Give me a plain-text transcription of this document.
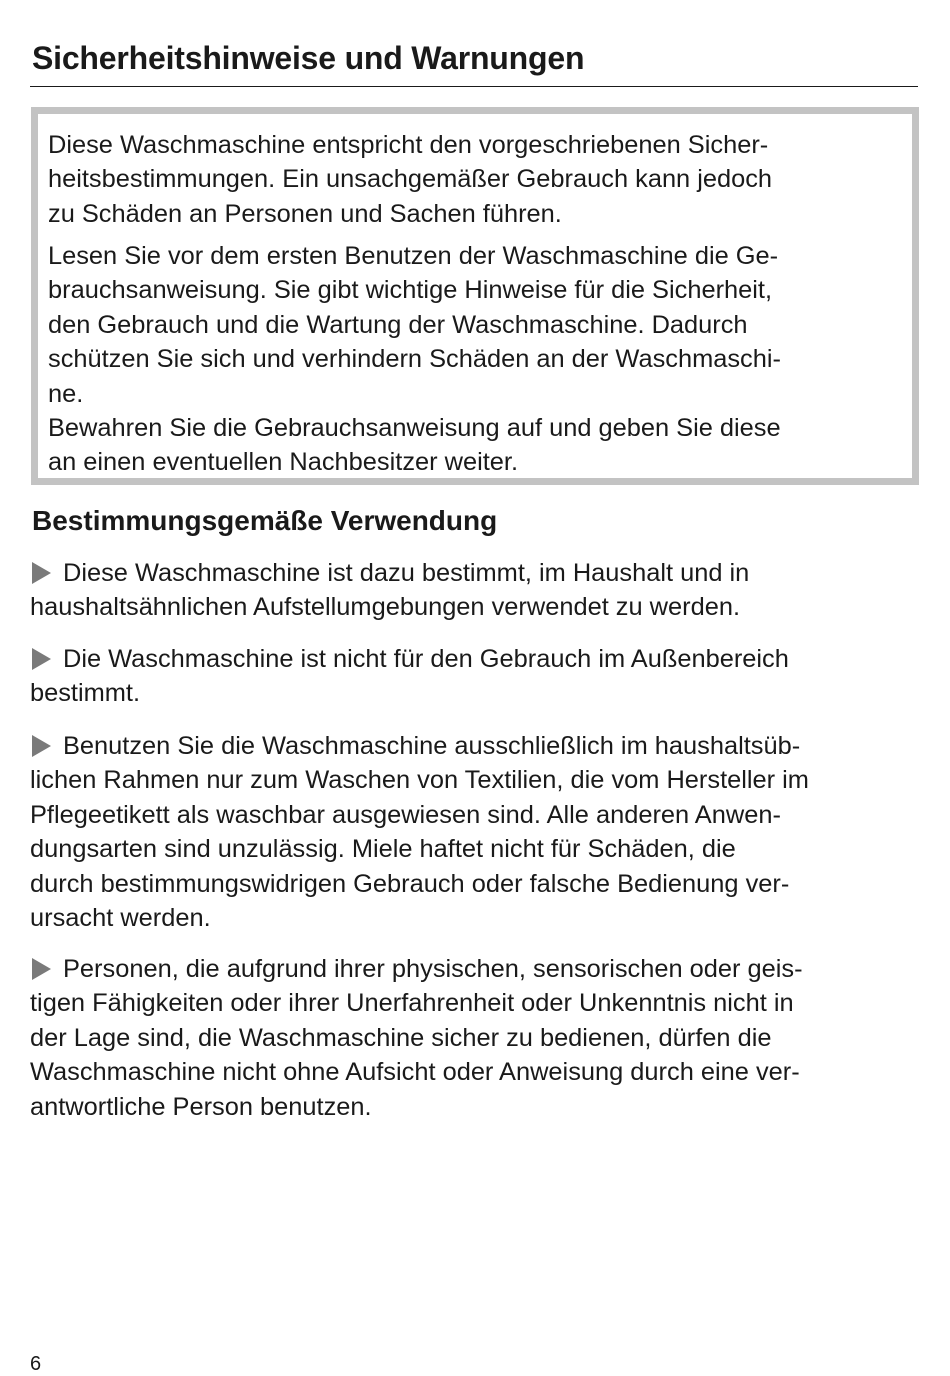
Sicherheitshinweise und Warnungen

Diese Waschmaschine entspricht den vorgeschriebenen Sicher-
heitsbestimmungen. Ein unsachgemäßer Gebrauch kann jedoch
zu Schäden an Personen und Sachen führen.

Lesen Sie vor dem ersten Benutzen der Waschmaschine die Ge-
brauchsanweisung. Sie gibt wichtige Hinweise für die Sicherheit,
den Gebrauch und die Wartung der Waschmaschine. Dadurch
schützen Sie sich und verhindern Schäden an der Waschmaschi-
ne.
Bewahren Sie die Gebrauchsanweisung auf und geben Sie diese
an einen eventuellen Nachbesitzer weiter.

Bestimmungsgemäße Verwendung
Diese Waschmaschine ist dazu bestimmt, im Haushalt und in
haushaltsähnlichen Aufstellumgebungen verwendet zu werden.
Die Waschmaschine ist nicht für den Gebrauch im Außenbereich
bestimmt.
Benutzen Sie die Waschmaschine ausschließlich im haushaltsüb-
lichen Rahmen nur zum Waschen von Textilien, die vom Hersteller im
Pflegeetikett als waschbar ausgewiesen sind. Alle anderen Anwen-
dungsarten sind unzulässig. Miele haftet nicht für Schäden, die
durch bestimmungswidrigen Gebrauch oder falsche Bedienung ver-
ursacht werden.
Personen, die aufgrund ihrer physischen, sensorischen oder geis-
tigen Fähigkeiten oder ihrer Unerfahrenheit oder Unkenntnis nicht in
der Lage sind, die Waschmaschine sicher zu bedienen, dürfen die
Waschmaschine nicht ohne Aufsicht oder Anweisung durch eine ver-
antwortliche Person benutzen.
6
